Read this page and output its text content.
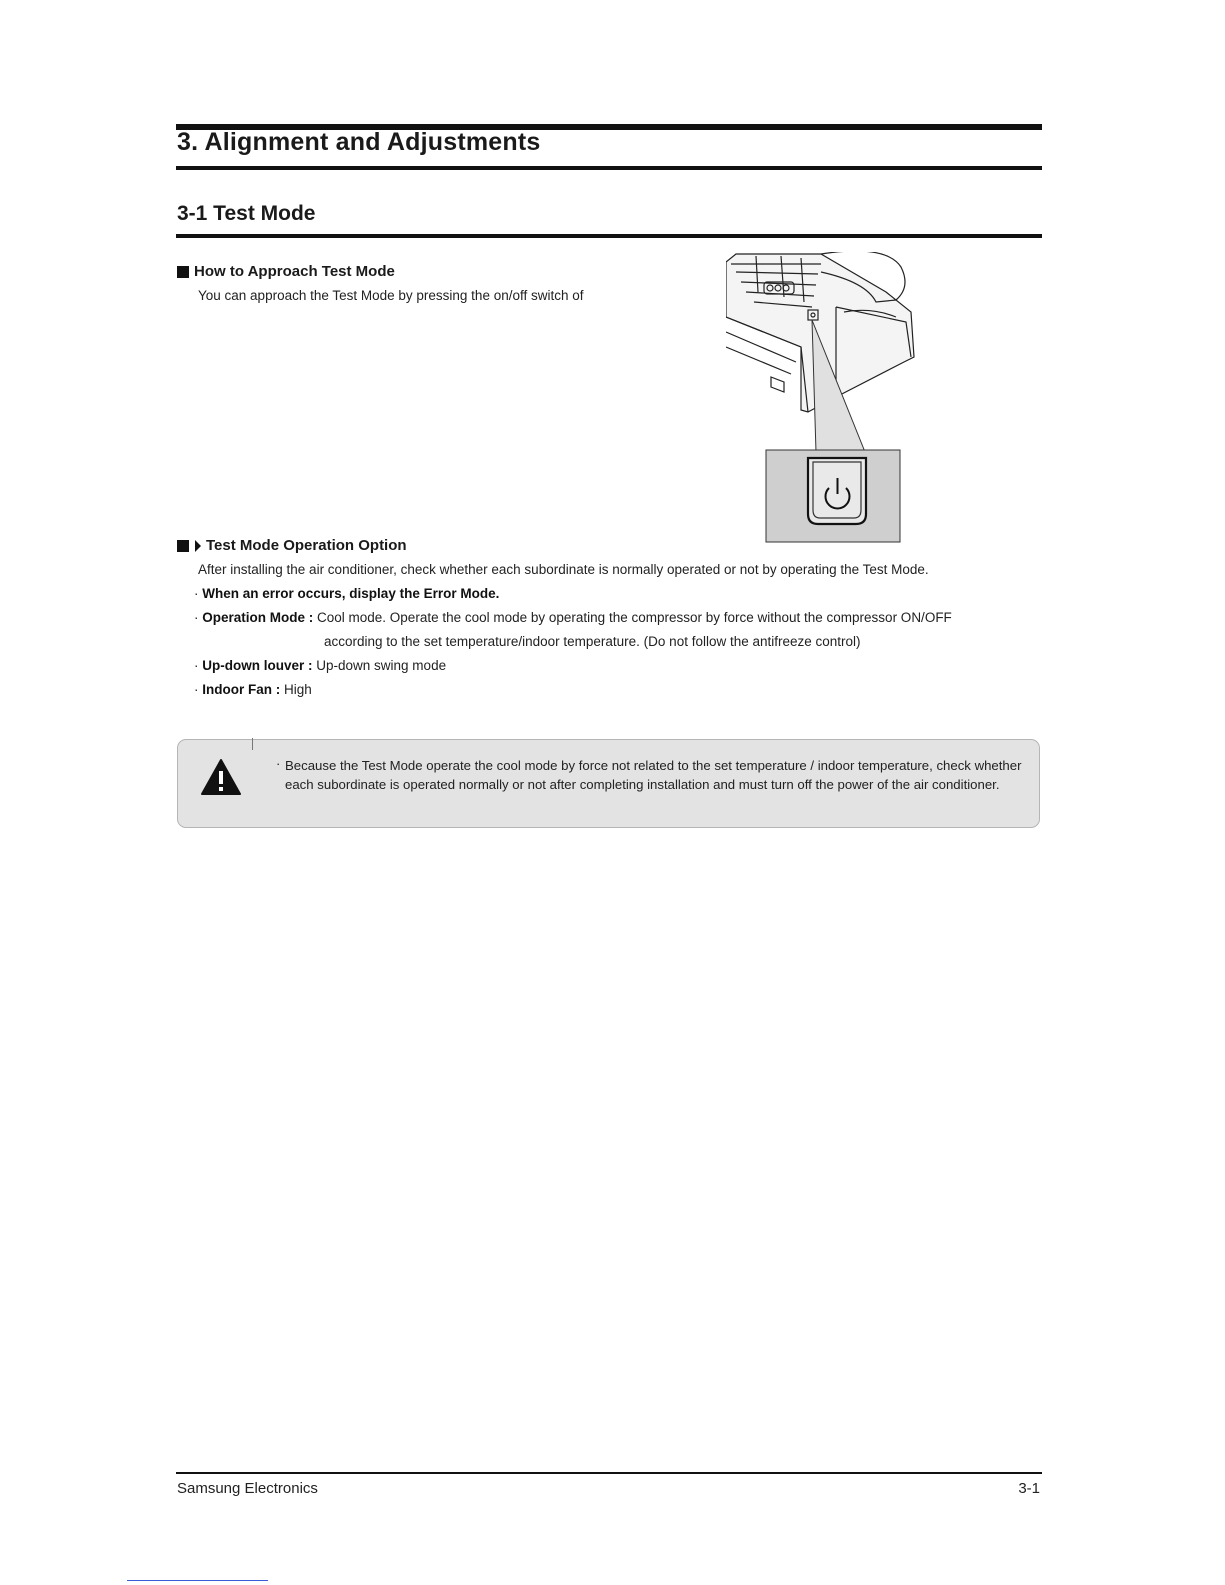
3. Alignment and Adjustments
3-1 Test Mode
How to Approach Test Mode
You can approach the Test Mode by pressing the on/off switch of
Test Mode Operation Option
After installing the air conditioner, check whether each subordinate is normally operated or not by operating the Test Mode.
· When an error occurs, display the Error Mode.
· Operation Mode : Cool mode. Operate the cool mode by operating the compressor by force without the compressor ON/OFF
according to the set temperature/indoor temperature. (Do not follow the antifreeze control)
· Up-down louver : Up-down swing mode
· Indoor Fan : High
· Because the Test Mode operate the cool mode by force not related to the set temperature / indoor temperature, check whether each subordinate is operated normally or not after completing installation and must turn off the power of the air conditioner.
Samsung Electronics	3-1
